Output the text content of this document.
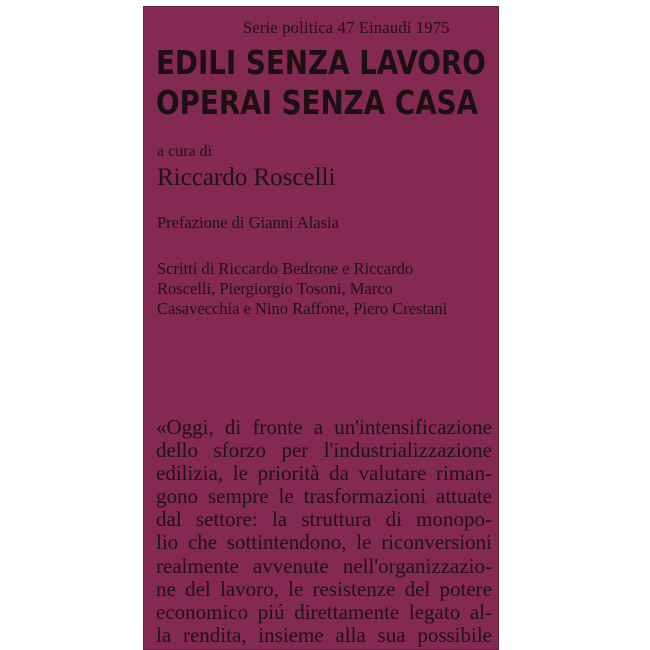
Serie politica 47 Einaudi 1975
EDILI SENZA LAVORO
OPERAI SENZA CASA
a cura di
Riccardo Roscelli
Prefazione di Gianni Alasia
Scritti di Riccardo Bedrone e Riccardo
Roscelli, Piergiorgio Tosoni, Marco
Casavecchia e Nino Raffone, Piero Crestani
«Oggi, di fronte a un'intensificazione
dello sforzo per l'industrializzazione
edilizia, le priorità da valutare riman-
gono sempre le trasformazioni attuate
dal settore: la struttura di monopo-
lio che sottintendono, le riconversioni
realmente avvenute nell'organizzazio-
ne del lavoro, le resistenze del potere
economico piú direttamente legato al-
la rendita, insieme alla sua possibile
